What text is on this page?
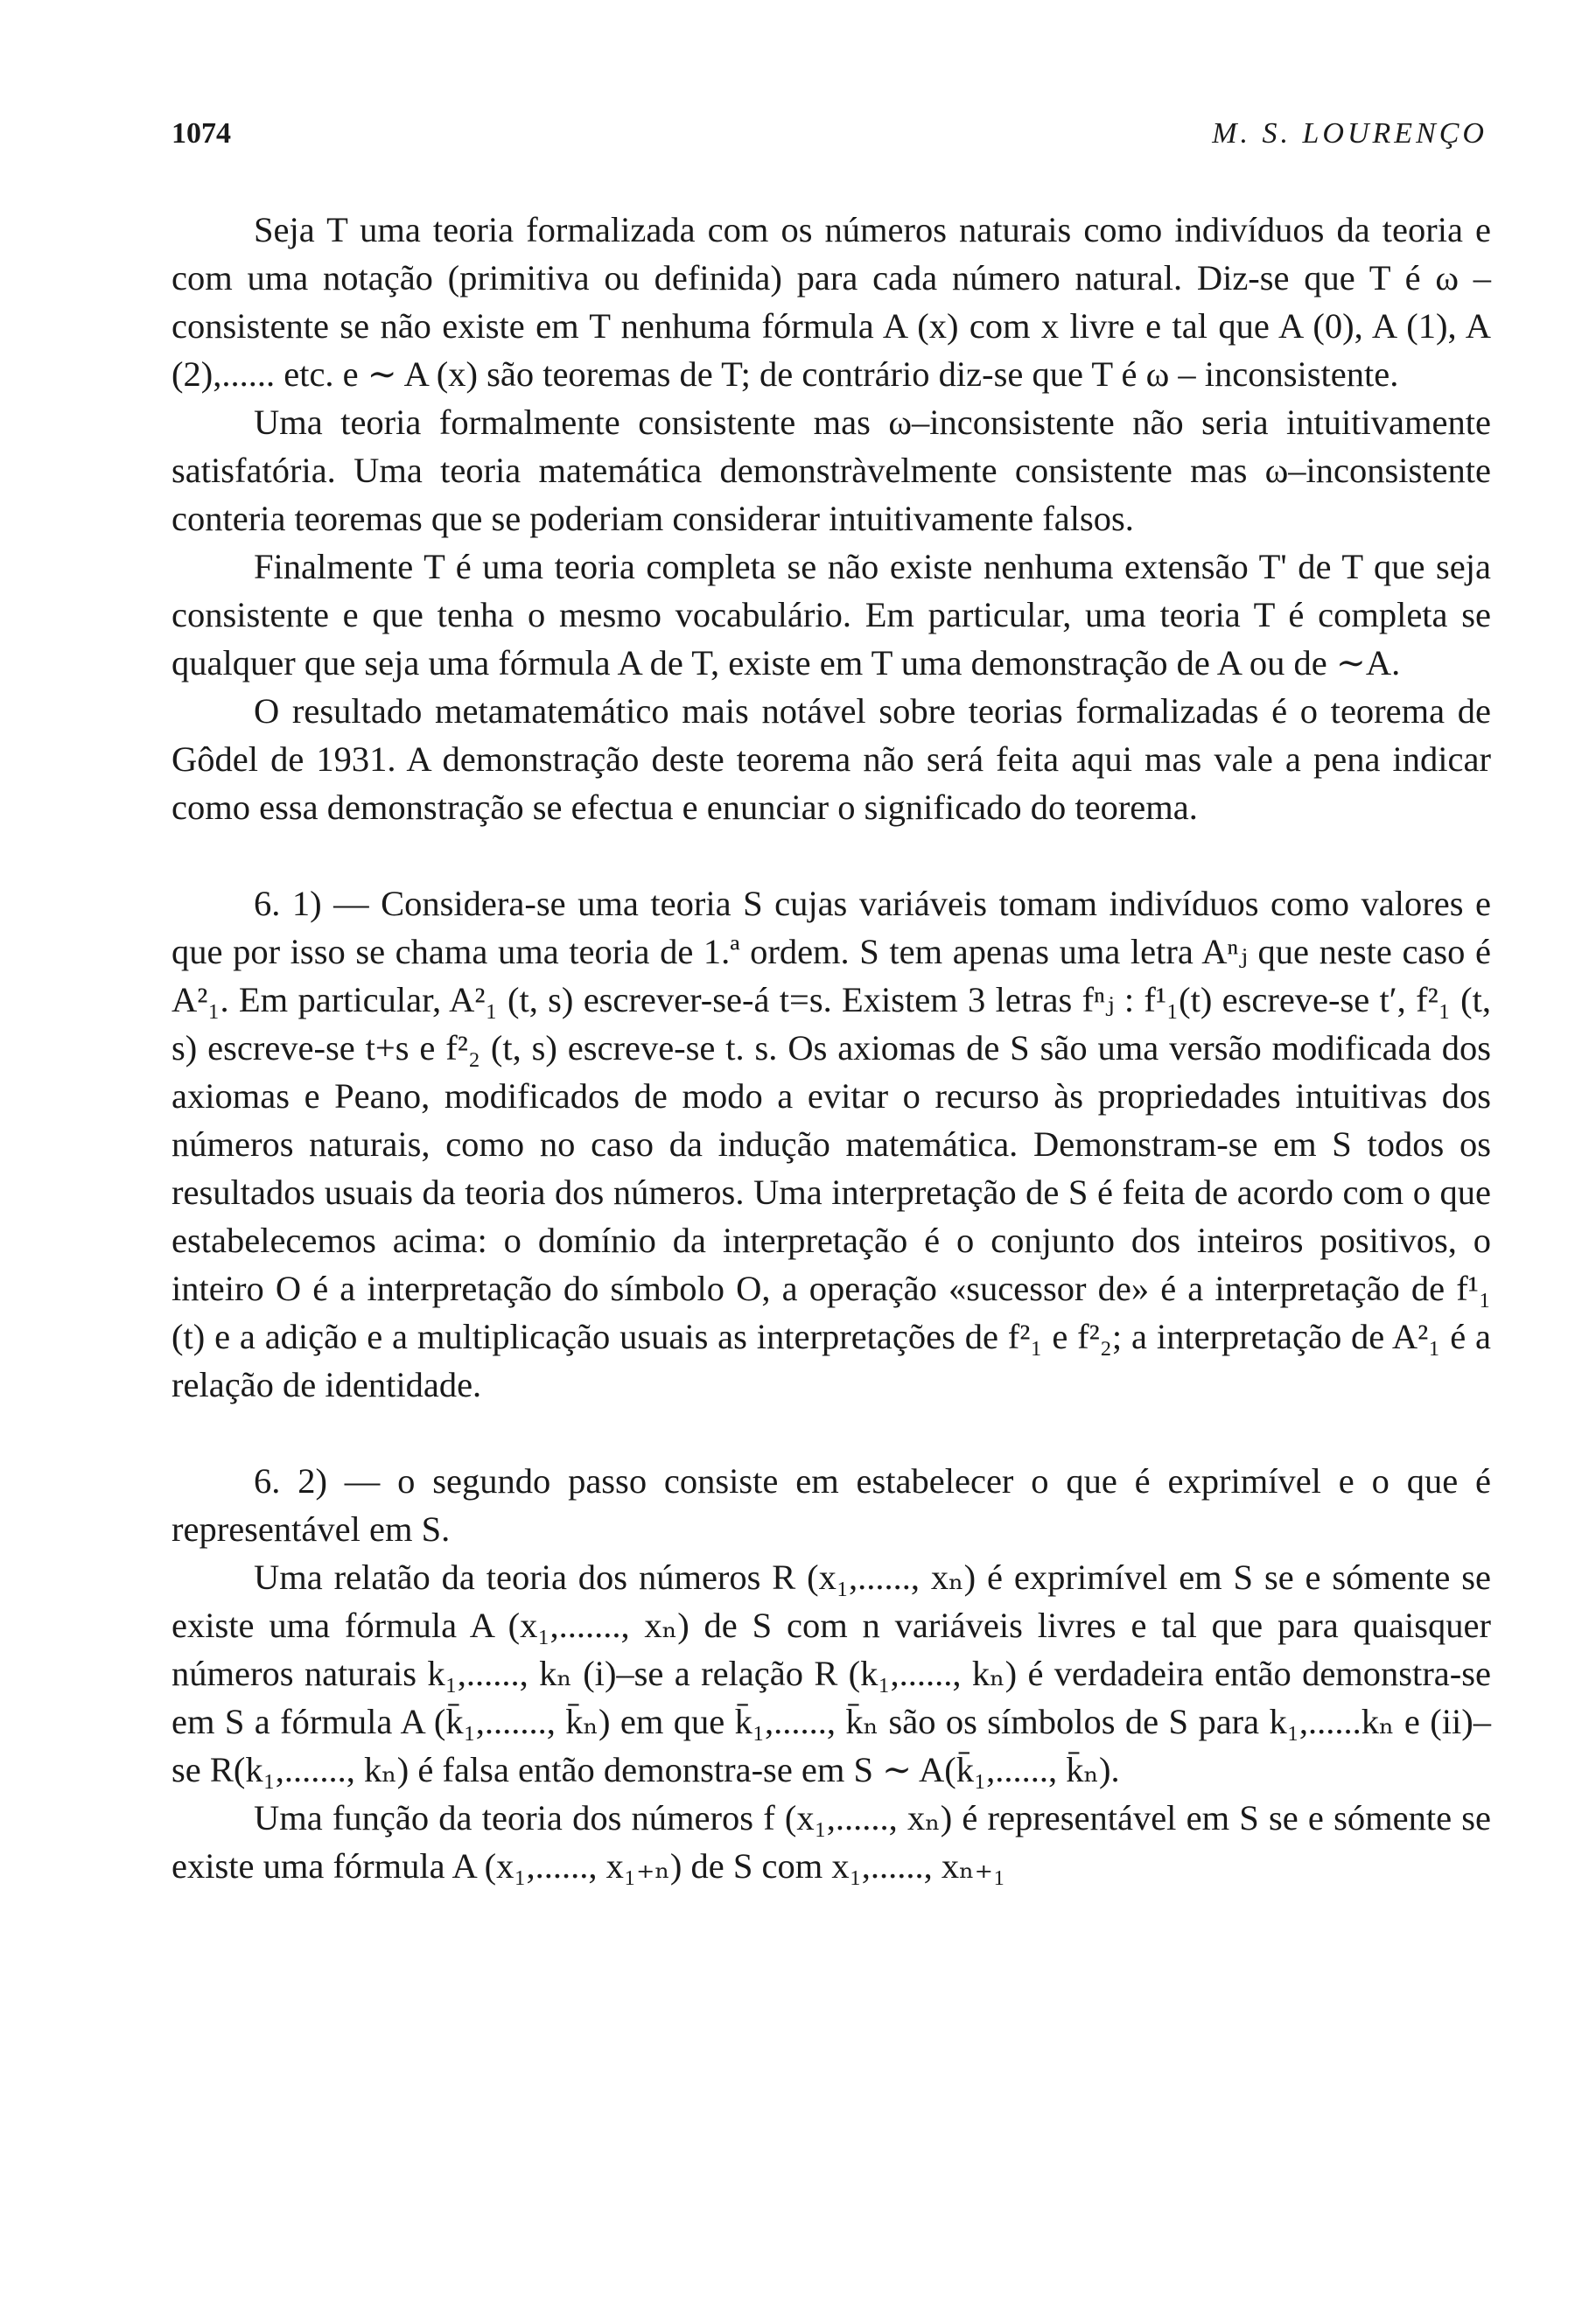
1074	M. S. LOURENÇO

Seja T uma teoria formalizada com os números naturais como indivíduos da teoria e com uma notação (primitiva ou definida) para cada número natural. Diz-se que T é ω – consistente se não existe em T nenhuma fórmula A (x) com x livre e tal que A (0), A (1), A (2),...... etc. e ∼ A (x) são teoremas de T; de contrário diz-se que T é ω – inconsistente.

Uma teoria formalmente consistente mas ω–inconsistente não seria intuitivamente satisfatória. Uma teoria matemática demonstràvelmente consistente mas ω–inconsistente conteria teoremas que se poderiam considerar intuitivamente falsos.

Finalmente T é uma teoria completa se não existe nenhuma extensão T' de T que seja consistente e que tenha o mesmo vocabulário. Em particular, uma teoria T é completa se qualquer que seja uma fórmula A de T, existe em T uma demonstração de A ou de ∼A.

O resultado metamatemático mais notável sobre teorias formalizadas é o teorema de Gôdel de 1931. A demonstração deste teorema não será feita aqui mas vale a pena indicar como essa demonstração se efectua e enunciar o significado do teorema.

6. 1) — Considera-se uma teoria S cujas variáveis tomam indivíduos como valores e que por isso se chama uma teoria de 1.ª ordem. S tem apenas uma letra Aⁿⱼ que neste caso é A²₁. Em particular, A²₁ (t, s) escrever-se-á t=s. Existem 3 letras fⁿⱼ : f¹₁(t) escreve-se t′, f²₁ (t, s) escreve-se t+s e f²₂ (t, s) escreve-se t. s. Os axiomas de S são uma versão modificada dos axiomas e Peano, modificados de modo a evitar o recurso às propriedades intuitivas dos números naturais, como no caso da indução matemática. Demonstram-se em S todos os resultados usuais da teoria dos números. Uma interpretação de S é feita de acordo com o que estabelecemos acima: o domínio da interpretação é o conjunto dos inteiros positivos, o inteiro O é a interpretação do símbolo O, a operação «sucessor de» é a interpretação de f¹₁ (t) e a adição e a multiplicação usuais as interpretações de f²₁ e f²₂; a interpretação de A²₁ é a relação de identidade.

6. 2) — o segundo passo consiste em estabelecer o que é exprimível e o que é representável em S.

Uma relatão da teoria dos números R (x₁,......, xₙ) é exprimível em S se e sómente se existe uma fórmula A (x₁,......., xₙ) de S com n variáveis livres e tal que para quaisquer números naturais k₁,......, kₙ (i)–se a relação R (k₁,......, kₙ) é verdadeira então demonstra-se em S a fórmula A (k̄₁,......., k̄ₙ) em que k̄₁,......, k̄ₙ são os símbolos de S para k₁,......kₙ e (ii)– se R(k₁,......., kₙ) é falsa então demonstra-se em S ∼ A(k̄₁,......, k̄ₙ).

Uma função da teoria dos números f (x₁,......, xₙ) é representável em S se e sómente se existe uma fórmula A (x₁,......, x₁₊ₙ) de S com x₁,......, xₙ₊₁
